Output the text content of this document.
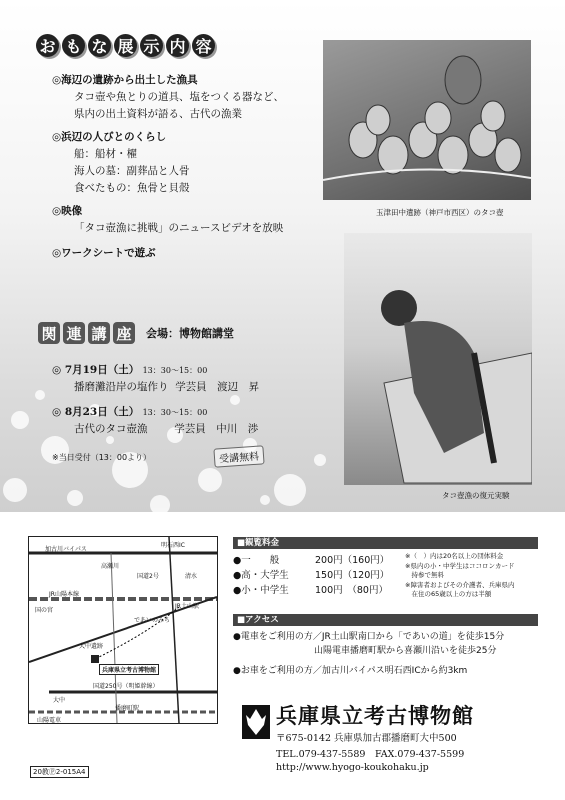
お も な 展 示 内 容
◎海辺の遺跡から出土した漁具
タコ壺や魚とりの道具、塩をつくる器など、
県内の出土資料が語る、古代の漁業
◎浜辺の人びとのくらし
船：船材・櫂
海人の墓：副葬品と人骨
食べたもの：魚骨と貝殻
◎映像
「タコ壺漁に挑戦」のニュースビデオを放映
◎ワークシートで遊ぶ
玉津田中遺跡（神戸市西区）のタコ壺
タコ壺漁の復元実験
関 連 講 座	会場：博物館講堂
◎ 7月19日（土） 13：30～15：00
播磨灘沿岸の塩作り 学芸員　渡辺　昇
◎ 8月23日（土） 13：30～15：00
古代のタコ壺漁	学芸員　中川　渉
※当日受付（13：00より）	受講無料
加古川バイパス
明石西IC
国道2号
高瀬川
清水
JR山陽本線
JR土山駅
であいのみち
国の宮
大中遺跡
兵庫県立考古博物館
国道250号（明姫幹線）
大中
山陽電車
播磨町駅
■観覧料金
●一　　般	200円（160円）
●高・大学生	150円（120円）
●小・中学生	100円　（80円）
※（　）内は20名以上の団体料金
※県内の小・中学生はココロンカード
　持参で無料
※障害者およびその介護者、兵庫県内
　在住の65歳以上の方は半額
■アクセス
●電車をご利用の方／JR土山駅南口から「であいの道」を徒歩15分
　　　　　　　　　山陽電車播磨町駅から喜瀬川沿いを徒歩25分
●お車をご利用の方／加古川バイパス明石西ICから約3km
兵庫県立考古博物館
〒675-0142 兵庫県加古郡播磨町大中500
TEL.079-437-5589　FAX.079-437-5599
http://www.hyogo-koukohaku.jp
20教Ⓟ2-015A4
